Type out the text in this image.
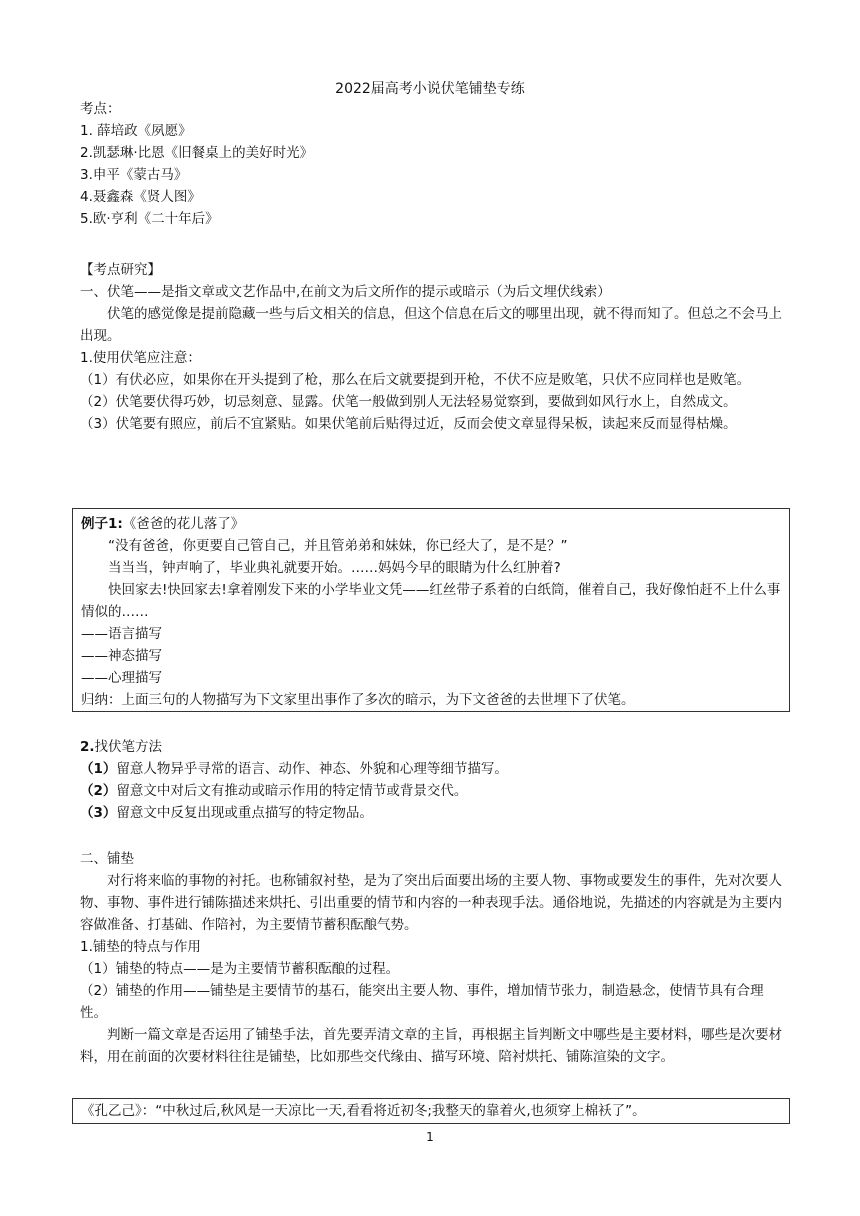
2022届高考小说伏笔铺垫专练
考点：
1. 薛培政《夙愿》
2.凯瑟琳·比恩《旧餐桌上的美好时光》
3.申平《蒙古马》
4.聂鑫森《贤人图》
5.欧·亨利《二十年后》
【考点研究】
一、伏笔——是指文章或文艺作品中,在前文为后文所作的提示或暗示（为后文埋伏线索）
伏笔的感觉像是提前隐藏一些与后文相关的信息，但这个信息在后文的哪里出现，就不得而知了。但总之不会马上出现。
1.使用伏笔应注意：
（1）有伏必应，如果你在开头提到了枪，那么在后文就要提到开枪，不伏不应是败笔，只伏不应同样也是败笔。
（2）伏笔要伏得巧妙，切忌刻意、显露。伏笔一般做到别人无法轻易觉察到，要做到如风行水上，自然成文。
（3）伏笔要有照应，前后不宜紧贴。如果伏笔前后贴得过近，反而会使文章显得呆板，读起来反而显得枯燥。
例子1:《爸爸的花儿落了》
“没有爸爸，你更要自己管自己，并且管弟弟和妹妹，你已经大了，是不是？”
当当当，钟声响了，毕业典礼就要开始。……妈妈今早的眼睛为什么红肿着?
快回家去!快回家去!拿着刚发下来的小学毕业文凭——红丝带子系着的白纸筒，催着自己，我好像怕赶不上什么事情似的……
——语言描写
——神态描写
——心理描写
归纳：上面三句的人物描写为下文家里出事作了多次的暗示，为下文爸爸的去世埋下了伏笔。
2.找伏笔方法
（1）留意人物异乎寻常的语言、动作、神态、外貌和心理等细节描写。
（2）留意文中对后文有推动或暗示作用的特定情节或背景交代。
（3）留意文中反复出现或重点描写的特定物品。
二、铺垫
对行将来临的事物的衬托。也称铺叙衬垫，是为了突出后面要出场的主要人物、事物或要发生的事件，先对次要人物、事物、事件进行铺陈描述来烘托、引出重要的情节和内容的一种表现手法。通俗地说，先描述的内容就是为主要内容做准备、打基础、作陪衬，为主要情节蓄积酝酿气势。
1.铺垫的特点与作用
（1）铺垫的特点——是为主要情节蓄积酝酿的过程。
（2）铺垫的作用——铺垫是主要情节的基石，能突出主要人物、事件，增加情节张力，制造悬念，使情节具有合理性。
判断一篇文章是否运用了铺垫手法，首先要弄清文章的主旨，再根据主旨判断文中哪些是主要材料，哪些是次要材料，用在前面的次要材料往往是铺垫，比如那些交代缘由、描写环境、陪衬烘托、铺陈渲染的文字。
《孔乙己》：“中秋过后,秋风是一天凉比一天,看看将近初冬;我整天的靠着火,也须穿上棉袄了”。
1
